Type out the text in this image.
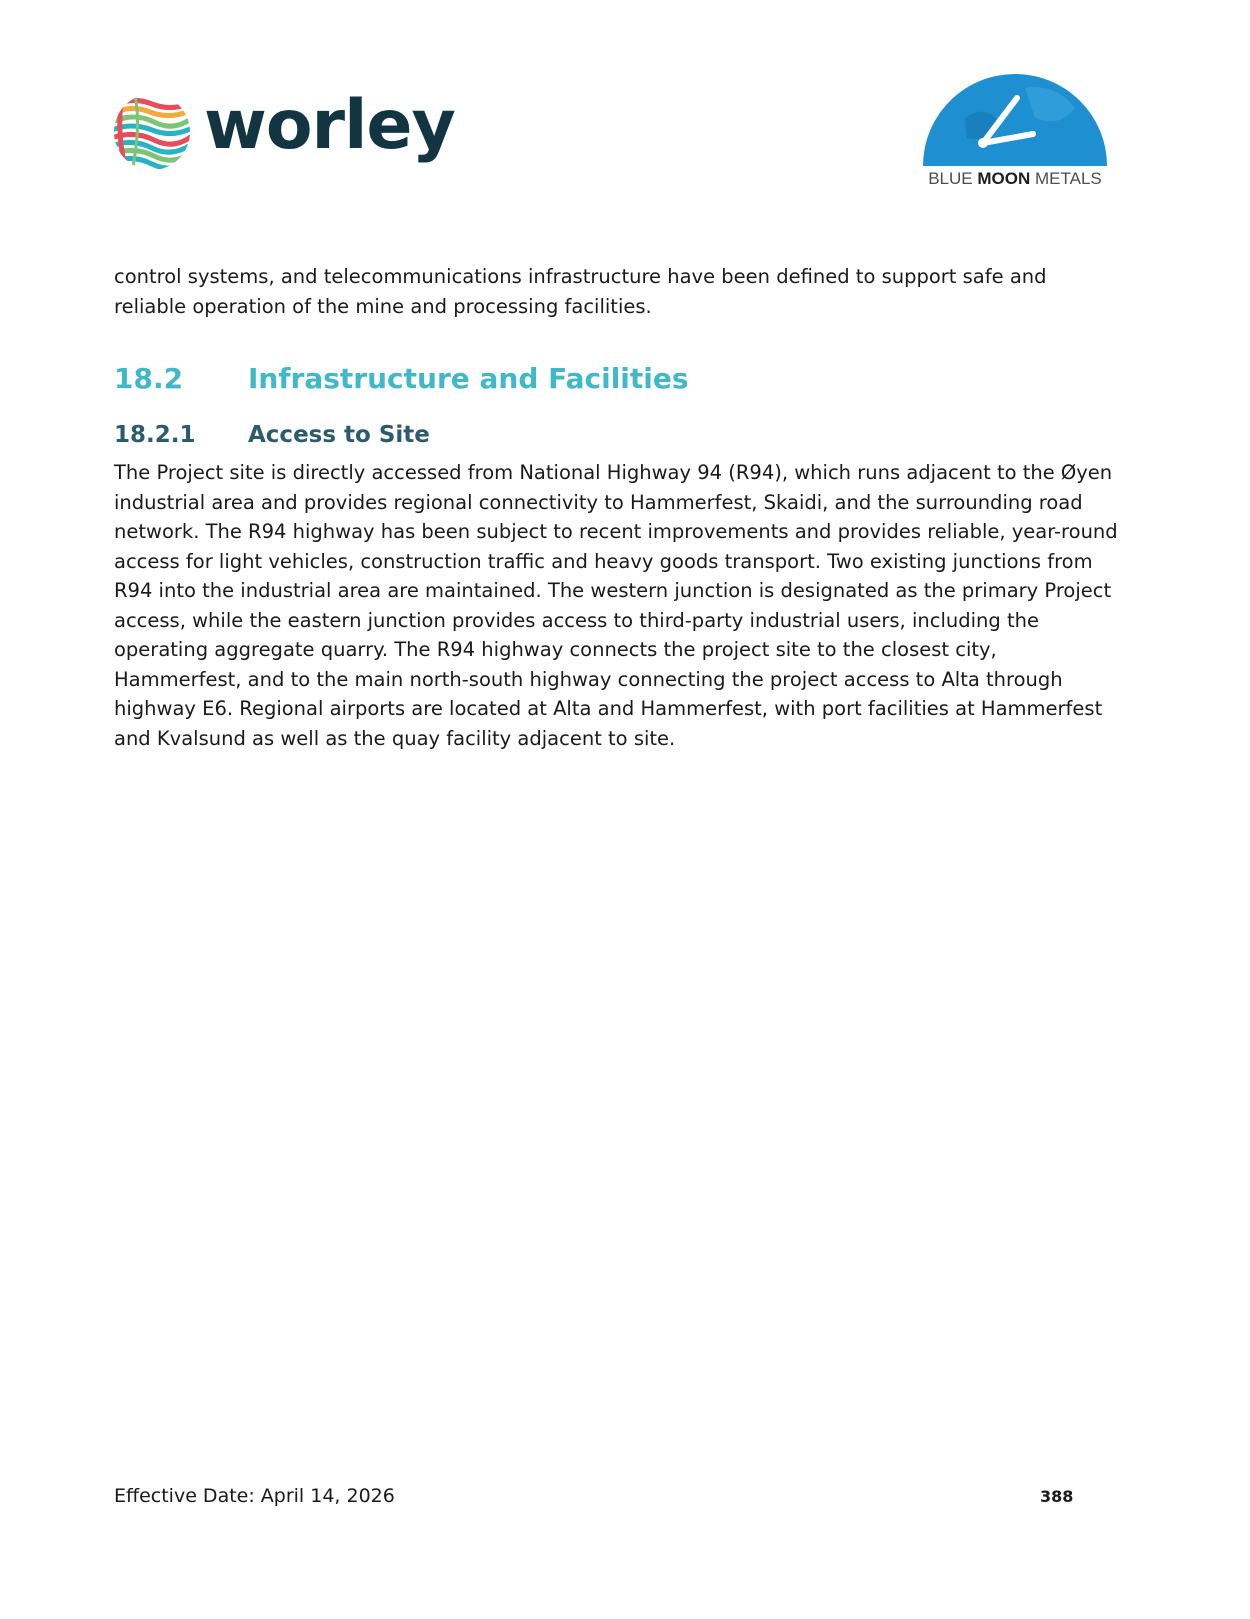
worley
BLUE MOON METALS

control systems, and telecommunications infrastructure have been defined to support safe and reliable operation of the mine and processing facilities.

18.2 Infrastructure and Facilities
18.2.1 Access to Site

The Project site is directly accessed from National Highway 94 (R94), which runs adjacent to the Øyen industrial area and provides regional connectivity to Hammerfest, Skaidi, and the surrounding road network. The R94 highway has been subject to recent improvements and provides reliable, year-round access for light vehicles, construction traffic and heavy goods transport. Two existing junctions from R94 into the industrial area are maintained. The western junction is designated as the primary Project access, while the eastern junction provides access to third-party industrial users, including the operating aggregate quarry. The R94 highway connects the project site to the closest city, Hammerfest, and to the main north-south highway connecting the project access to Alta through highway E6. Regional airports are located at Alta and Hammerfest, with port facilities at Hammerfest and Kvalsund as well as the quay facility adjacent to site.

Effective Date: April 14, 2026	388
